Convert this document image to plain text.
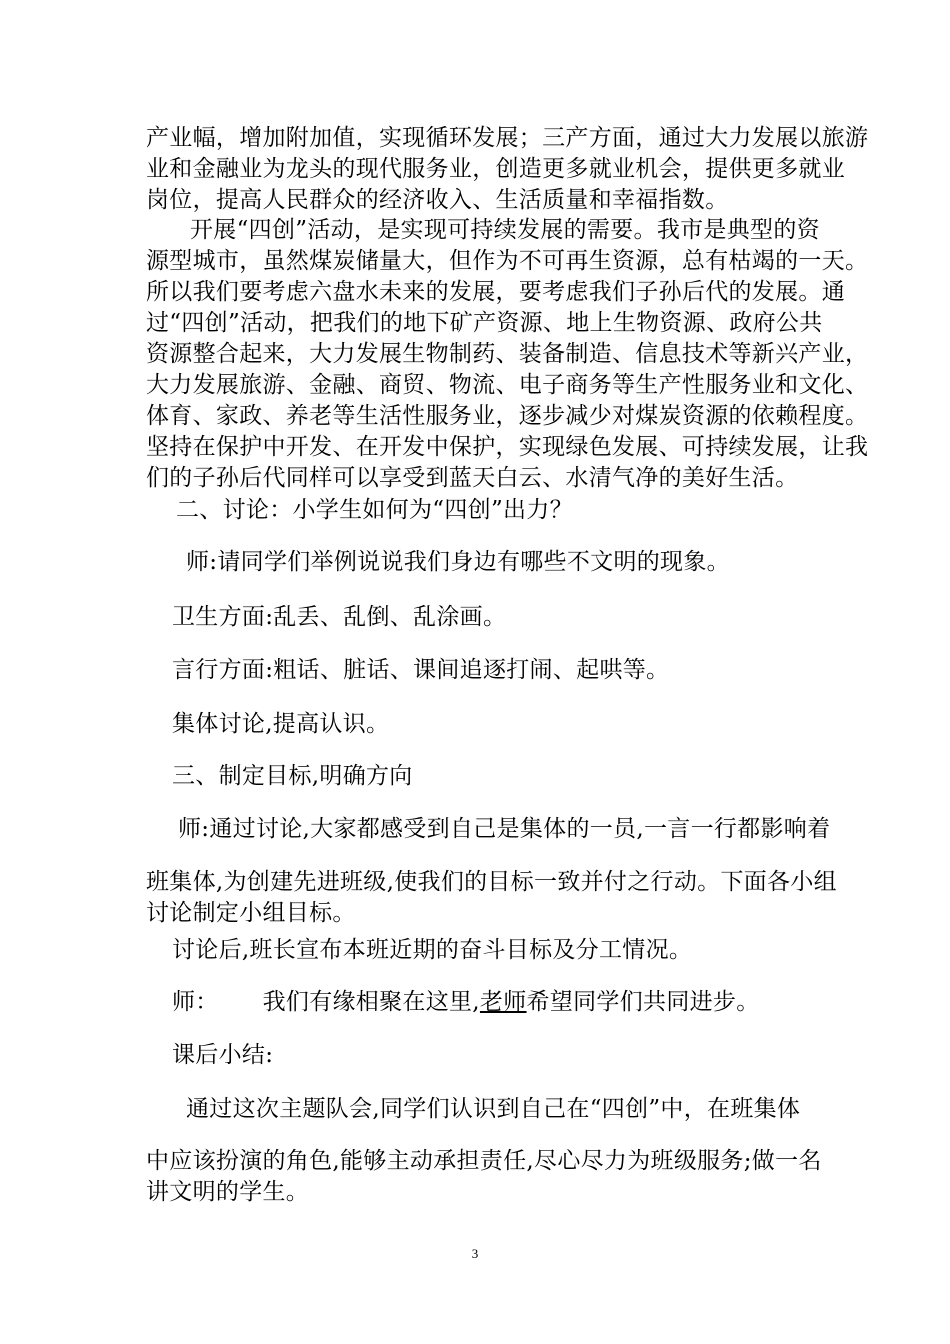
产业幅，增加附加值，实现循环发展；三产方面，通过大力发展以旅游
业和金融业为龙头的现代服务业，创造更多就业机会，提供更多就业
岗位，提高人民群众的经济收入、生活质量和幸福指数。
开展“四创”活动，是实现可持续发展的需要。我市是典型的资
源型城市，虽然煤炭储量大，但作为不可再生资源，总有枯竭的一天。
所以我们要考虑六盘水未来的发展，要考虑我们子孙后代的发展。通
过“四创”活动，把我们的地下矿产资源、地上生物资源、政府公共
资源整合起来，大力发展生物制药、装备制造、信息技术等新兴产业，
大力发展旅游、金融、商贸、物流、电子商务等生产性服务业和文化、
体育、家政、养老等生活性服务业，逐步减少对煤炭资源的依赖程度。
坚持在保护中开发、在开发中保护，实现绿色发展、可持续发展，让我
们的子孙后代同样可以享受到蓝天白云、水清气净的美好生活。
二、讨论：小学生如何为“四创”出力？
师:请同学们举例说说我们身边有哪些不文明的现象。
卫生方面:乱丢、乱倒、乱涂画。
言行方面:粗话、脏话、课间追逐打闹、起哄等。
集体讨论,提高认识。
三、制定目标,明确方向
师:通过讨论,大家都感受到自己是集体的一员,一言一行都影响着
班集体,为创建先进班级,使我们的目标一致并付之行动。下面各小组
讨论制定小组目标。
讨论后,班长宣布本班近期的奋斗目标及分工情况。
师： 我们有缘相聚在这里,老师希望同学们共同进步。
课后小结:
通过这次主题队会,同学们认识到自己在“四创”中，在班集体
中应该扮演的角色,能够主动承担责任,尽心尽力为班级服务;做一名
讲文明的学生。
3
